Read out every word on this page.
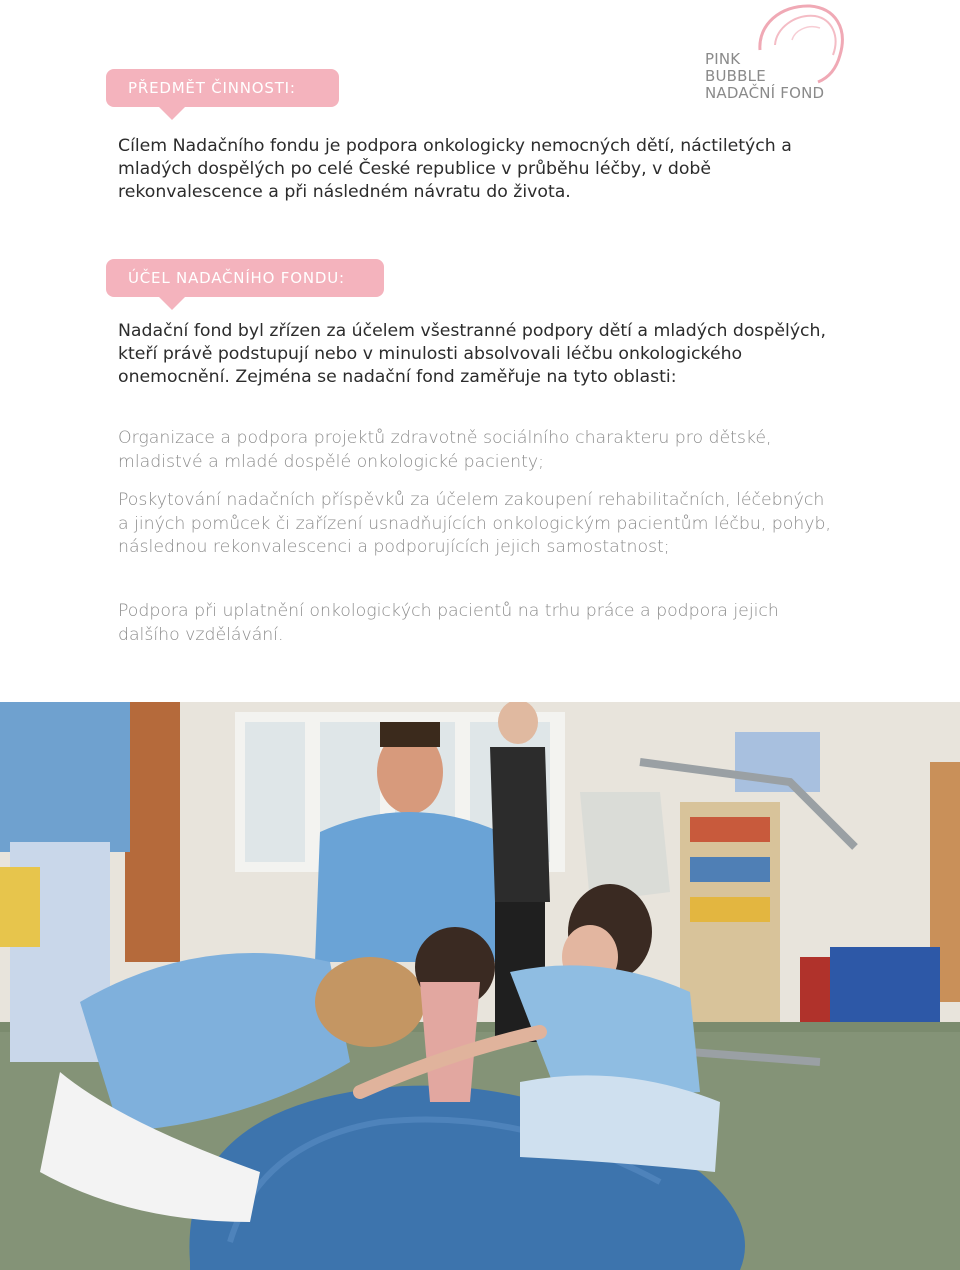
PINK
BUBBLE
NADAČNÍ FOND
PŘEDMĚT ČINNOSTI:

Cílem Nadačního fondu je podpora onkologicky nemocných dětí, náctiletých a mladých dospělých po celé České republice v průběhu léčby, v době rekonvalescence a při následném návratu do života.

ÚČEL NADAČNÍHO FONDU:

Nadační fond byl zřízen za účelem všestranné podpory dětí a mladých dospělých, kteří právě podstupují nebo v minulosti absolvovali léčbu onkologického onemocnění. Zejména se nadační fond zaměřuje na tyto oblasti:

Organizace a podpora projektů zdravotně sociálního charakteru pro dětské, mladistvé a mladé dospělé onkologické pacienty;

Poskytování nadačních příspěvků za účelem zakoupení rehabilitačních, léčebných a jiných pomůcek či zařízení usnadňujících onkologickým pacientům léčbu, pohyb, následnou rekonvalescenci a podporujících jejich samostatnost;

Podpora při uplatnění onkologických pacientů na trhu práce a podpora jejich dalšího vzdělávání.
